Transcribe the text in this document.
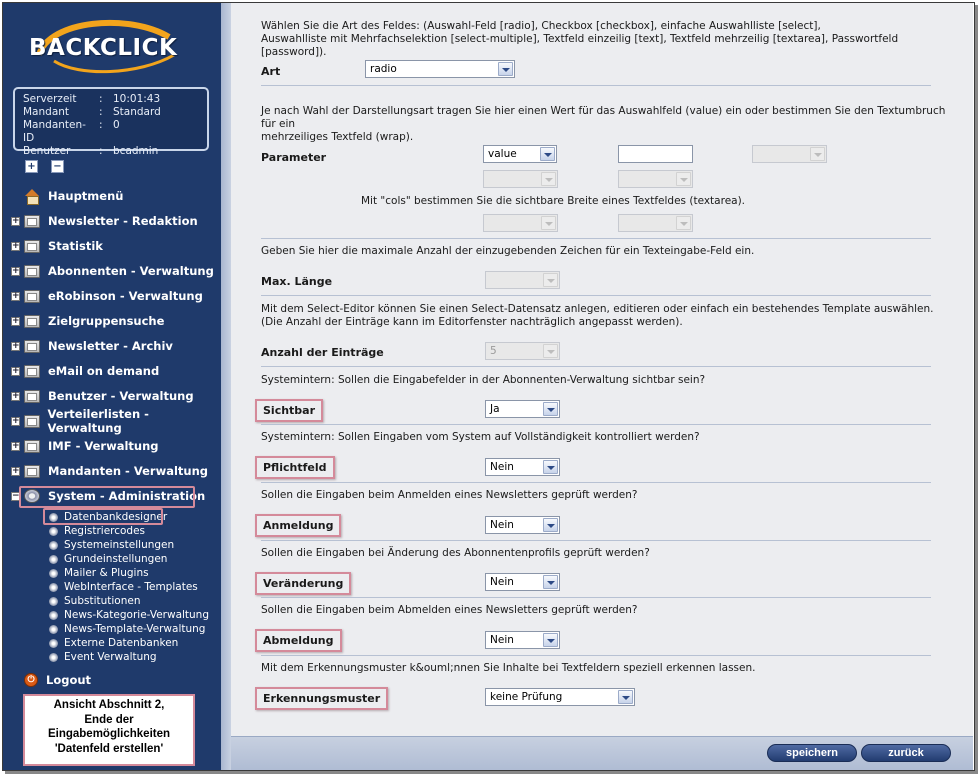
BACKCLICK
Serverzeit : 10:01:43
Mandant	: Standard
Mandanten-ID
: 0
Benutzer	: bcadmin
+ −
Hauptmenü
+ Newsletter - Redaktion
+ Statistik
+ Abonnenten - Verwaltung
+ eRobinson - Verwaltung
+ Zielgruppensuche
+ Newsletter - Archiv
+ eMail on demand
+ Benutzer - Verwaltung
+ Verteilerlisten - Verwaltung
+ IMF - Verwaltung
+ Mandanten - Verwaltung
− System - Administration
Datenbankdesigner
Registriercodes
Systemeinstellungen
Grundeinstellungen
Mailer & Plugins
WebInterface - Templates
Substitutionen
News-Kategorie-Verwaltung
News-Template-Verwaltung
Externe Datenbanken
Event Verwaltung
⏻ Logout
Ansicht Abschnitt 2,
Ende der
Eingabemöglichkeiten
'Datenfeld erstellen'
Wählen Sie die Art des Feldes: (Auswahl-Feld [radio], Checkbox [checkbox], einfache Auswahlliste [select],
Auswahlliste mit Mehrfachselektion [select-multiple], Textfeld einzeilig [text], Textfeld mehrzeilig [textarea], Passwortfeld [password]).
Art	radio
Je nach Wahl der Darstellungsart tragen Sie hier einen Wert für das Auswahlfeld (value) ein oder bestimmen Sie den Textumbruch für ein
mehrzeiliges Textfeld (wrap).
Parameter	value
Mit "cols" bestimmen Sie die sichtbare Breite eines Textfeldes (textarea).
Geben Sie hier die maximale Anzahl der einzugebenden Zeichen für ein Texteingabe-Feld ein.
Max. Länge
Mit dem Select-Editor können Sie einen Select-Datensatz anlegen, editieren oder einfach ein bestehendes Template auswählen.
(Die Anzahl der Einträge kann im Editorfenster nachträglich angepasst werden).
Anzahl der Einträge	5
Systemintern: Sollen die Eingabefelder in der Abonnenten-Verwaltung sichtbar sein?
Sichtbar	Ja
Systemintern: Sollen Eingaben vom System auf Vollständigkeit kontrolliert werden?
Pflichtfeld	Nein
Sollen die Eingaben beim Anmelden eines Newsletters geprüft werden?
Anmeldung	Nein
Sollen die Eingaben bei Änderung des Abonnentenprofils geprüft werden?
Veränderung	Nein
Sollen die Eingaben beim Abmelden eines Newsletters geprüft werden?
Abmeldung	Nein
Mit dem Erkennungsmuster k&ouml;nnen Sie Inhalte bei Textfeldern speziell erkennen lassen.
Erkennungsmuster	keine Prüfung
speichern	zurück
